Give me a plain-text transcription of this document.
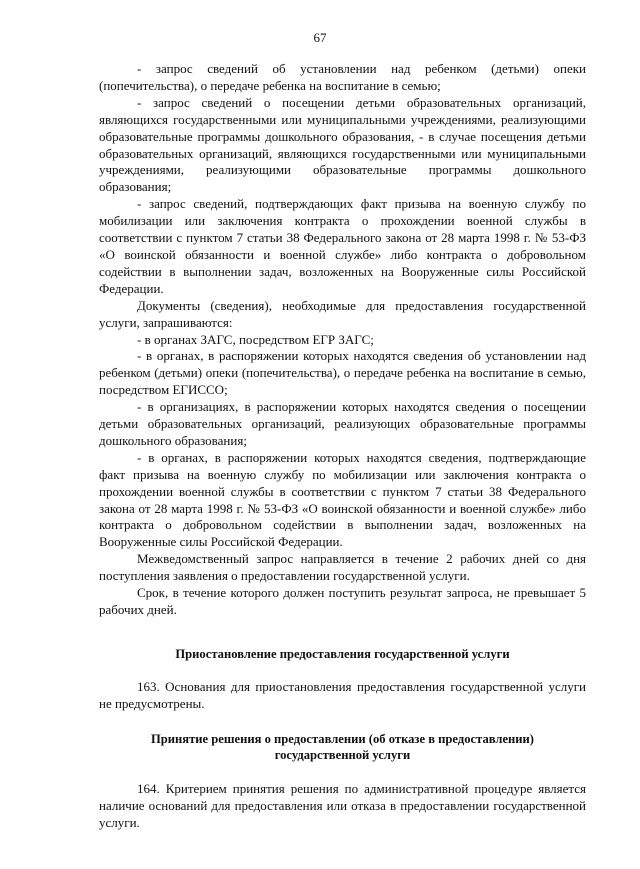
67

- запрос сведений об установлении над ребенком (детьми) опеки (попечительства), о передаче ребенка на воспитание в семью;

- запрос сведений о посещении детьми образовательных организаций, являющихся государственными или муниципальными учреждениями, реализующими образовательные программы дошкольного образования, - в случае посещения детьми образовательных организаций, являющихся государственными или муниципальными учреждениями, реализующими образовательные программы дошкольного образования;

- запрос сведений, подтверждающих факт призыва на военную службу по мобилизации или заключения контракта о прохождении военной службы в соответствии с пунктом 7 статьи 38 Федерального закона от 28 марта 1998 г. № 53-ФЗ «О воинской обязанности и военной службе» либо контракта о добровольном содействии в выполнении задач, возложенных на Вооруженные силы Российской Федерации.

Документы (сведения), необходимые для предоставления государственной услуги, запрашиваются:

- в органах ЗАГС, посредством ЕГР ЗАГС;

- в органах, в распоряжении которых находятся сведения об установлении над ребенком (детьми) опеки (попечительства), о передаче ребенка на воспитание в семью, посредством ЕГИССО;

- в организациях, в распоряжении которых находятся сведения о посещении детьми образовательных организаций, реализующих образовательные программы дошкольного образования;

- в органах, в распоряжении которых находятся сведения, подтверждающие факт призыва на военную службу по мобилизации или заключения контракта о прохождении военной службы в соответствии с пунктом 7 статьи 38 Федерального закона от 28 марта 1998 г. № 53-ФЗ «О воинской обязанности и военной службе» либо контракта о добровольном содействии в выполнении задач, возложенных на Вооруженные силы Российской Федерации.

Межведомственный запрос направляется в течение 2 рабочих дней со дня поступления заявления о предоставлении государственной услуги.

Срок, в течение которого должен поступить результат запроса, не превышает 5 рабочих дней.

Приостановление предоставления государственной услуги

163. Основания для приостановления предоставления государственной услуги не предусмотрены.

Принятие решения о предоставлении (об отказе в предоставлении)

государственной услуги

164. Критерием принятия решения по административной процедуре является наличие оснований для предоставления или отказа в предоставлении государственной услуги.
